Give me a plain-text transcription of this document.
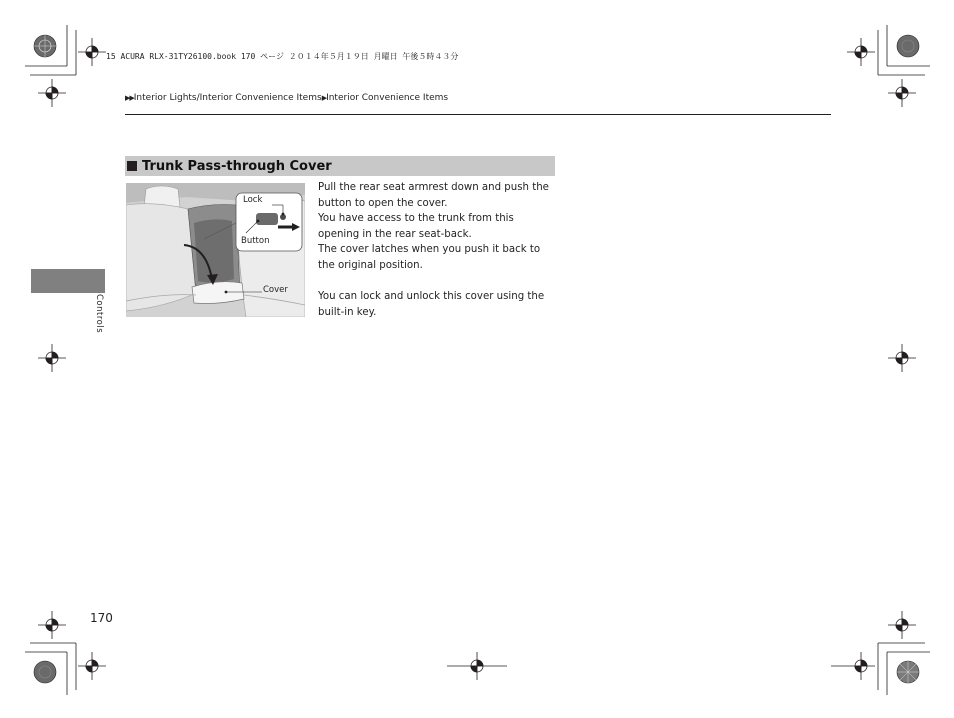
15 ACURA RLX-31TY26100.book 170 ページ ２０１４年５月１９日 月曜日 午後５時４３分
▶▶Interior Lights/Interior Convenience Items▶Interior Convenience Items
Controls
Trunk Pass-through Cover
Lock
Button
Cover

Pull the rear seat armrest down and push the button to open the cover.

You have access to the trunk from this opening in the rear seat-back.

The cover latches when you push it back to the original position.

You can lock and unlock this cover using the built-in key.

170
